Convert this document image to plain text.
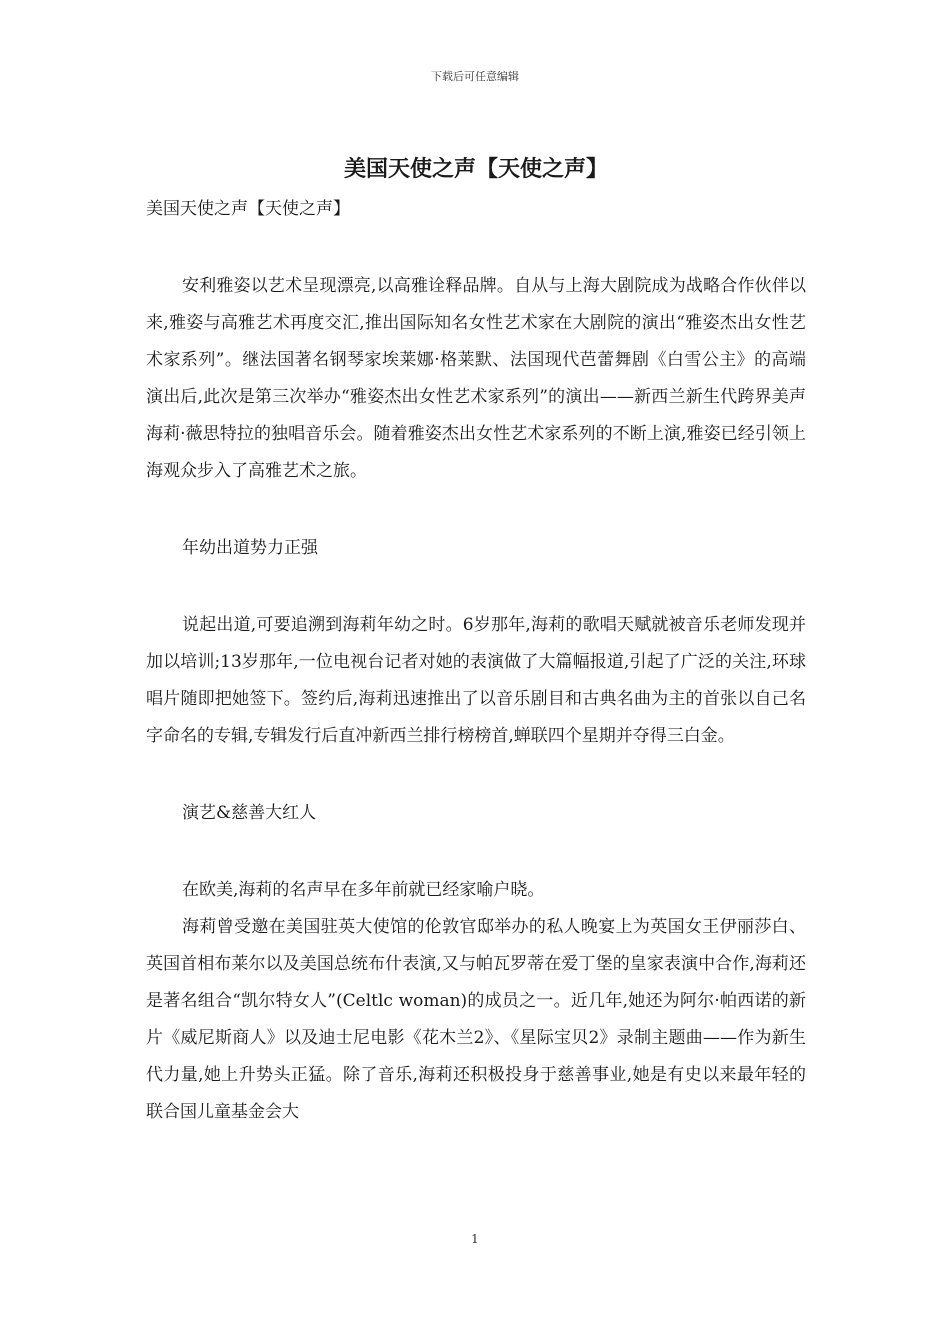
下载后可任意编辑
美国天使之声【天使之声】

美国天使之声【天使之声】

安利雅姿以艺术呈现漂亮,以高雅诠释品牌。自从与上海大剧院成为战略合作伙伴以来,雅姿与高雅艺术再度交汇,推出国际知名女性艺术家在大剧院的演出“雅姿杰出女性艺术家系列”。继法国著名钢琴家埃莱娜·格莱默、法国现代芭蕾舞剧《白雪公主》的高端演出后,此次是第三次举办“雅姿杰出女性艺术家系列”的演出——新西兰新生代跨界美声海莉·薇思特拉的独唱音乐会。随着雅姿杰出女性艺术家系列的不断上演,雅姿已经引领上海观众步入了高雅艺术之旅。

年幼出道势力正强

说起出道,可要追溯到海莉年幼之时。6岁那年,海莉的歌唱天赋就被音乐老师发现并加以培训;13岁那年,一位电视台记者对她的表演做了大篇幅报道,引起了广泛的关注,环球唱片随即把她签下。签约后,海莉迅速推出了以音乐剧目和古典名曲为主的首张以自己名字命名的专辑,专辑发行后直冲新西兰排行榜榜首,蝉联四个星期并夺得三白金。

演艺&慈善大红人

在欧美,海莉的名声早在多年前就已经家喻户晓。

海莉曾受邀在美国驻英大使馆的伦敦官邸举办的私人晚宴上为英国女王伊丽莎白、英国首相布莱尔以及美国总统布什表演,又与帕瓦罗蒂在爱丁堡的皇家表演中合作,海莉还是著名组合“凯尔特女人”(Celtlc woman)的成员之一。近几年,她还为阿尔·帕西诺的新片《威尼斯商人》以及迪士尼电影《花木兰2》、《星际宝贝2》录制主题曲——作为新生代力量,她上升势头正猛。除了音乐,海莉还积极投身于慈善事业,她是有史以来最年轻的联合国儿童基金会大

1
